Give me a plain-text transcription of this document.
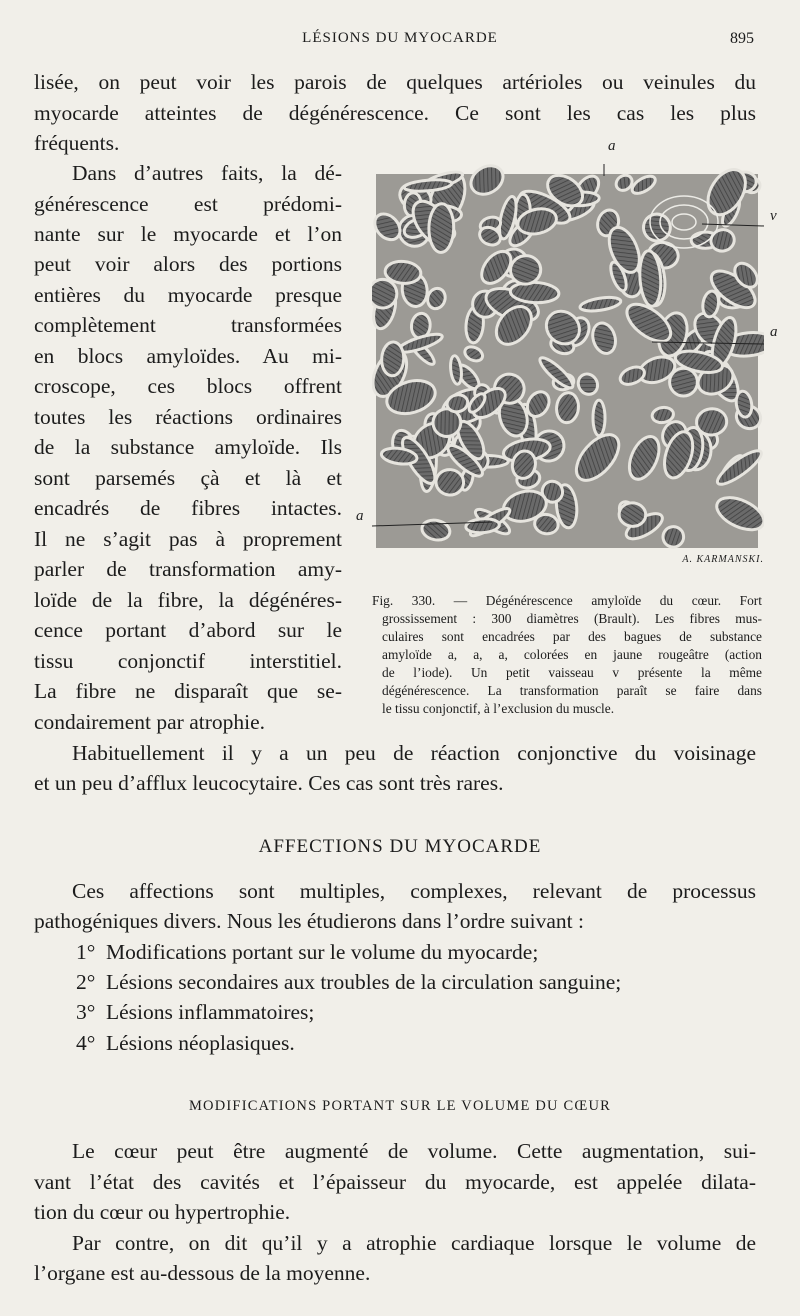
LÉSIONS DU MYOCARDE	895
lisée, on peut voir les parois de quelques artérioles ou veinules du
myocarde atteintes de dégénérescence. Ce sont les cas les plus
fréquents.
Dans d’autres faits, la dé-
générescence est prédomi-
nante sur le myocarde et l’on
peut voir alors des portions
entières du myocarde presque
complètement transformées
en blocs amyloïdes. Au mi-
croscope, ces blocs offrent
toutes les réactions ordinaires
de la substance amyloïde. Ils
sont parsemés çà et là et
encadrés de fibres intactes.
Il ne s’agit pas à proprement
parler de transformation amy-
loïde de la fibre, la dégénéres-
cence portant d’abord sur le
tissu conjonctif interstitiel.
La fibre ne disparaît que se-
condairement par atrophie.
a
v
a
a
A. KARMANSKI.
Fig. 330. — Dégénérescence amyloïde du cœur. Fort
grossissement : 300 diamètres (Brault). Les fibres mus-
culaires sont encadrées par des bagues de substance
amyloïde a, a, a, colorées en jaune rougeâtre (action
de l’iode). Un petit vaisseau v présente la même
dégénérescence. La transformation paraît se faire dans
le tissu conjonctif, à l’exclusion du muscle.
Habituellement il y a un peu de réaction conjonctive du voisinage
et un peu d’afflux leucocytaire. Ces cas sont très rares.
AFFECTIONS DU MYOCARDE
Ces affections sont multiples, complexes, relevant de processus
pathogéniques divers. Nous les étudierons dans l’ordre suivant :
1° Modifications portant sur le volume du myocarde;
2° Lésions secondaires aux troubles de la circulation sanguine;
3° Lésions inflammatoires;
4° Lésions néoplasiques.
MODIFICATIONS PORTANT SUR LE VOLUME DU CŒUR
Le cœur peut être augmenté de volume. Cette augmentation, sui-
vant l’état des cavités et l’épaisseur du myocarde, est appelée dilata-
tion du cœur ou hypertrophie.
Par contre, on dit qu’il y a atrophie cardiaque lorsque le volume de
l’organe est au-dessous de la moyenne.
